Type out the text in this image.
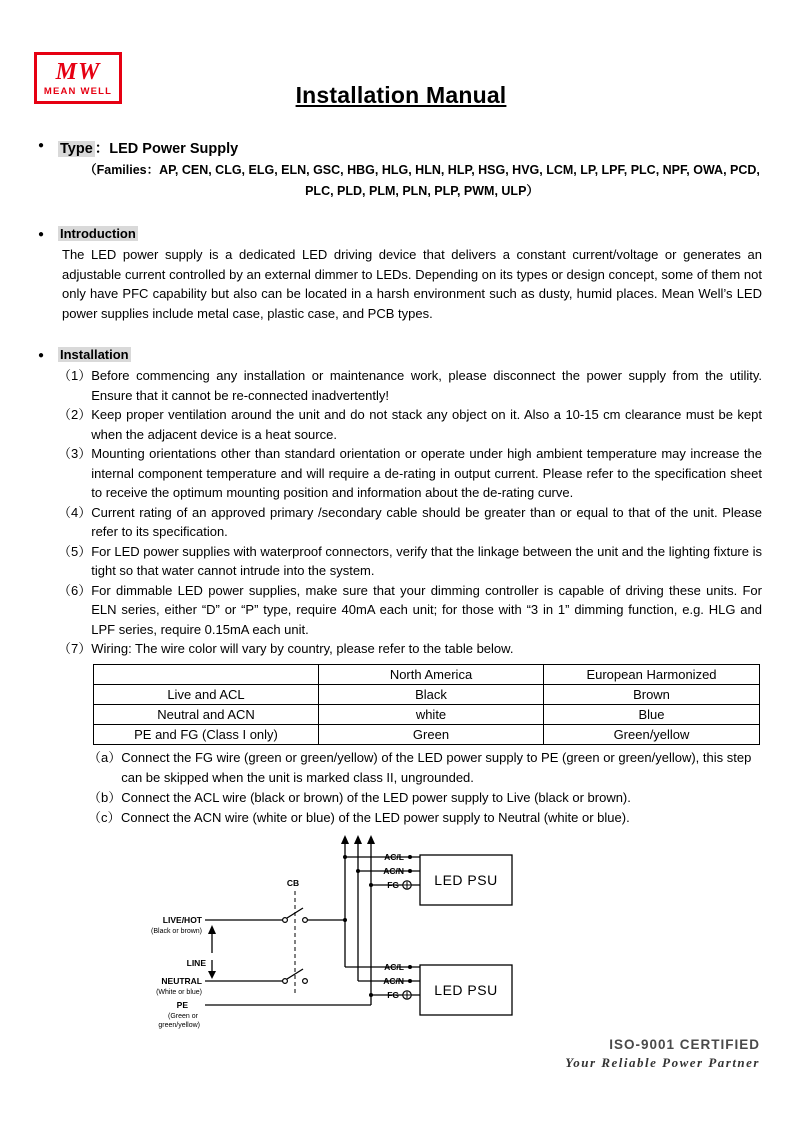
MW
MEAN WELL	Installation Manual
●	Type ：LED Power Supply
（Families：AP, CEN, CLG, ELG, ELN, GSC, HBG, HLG, HLN, HLP, HSG, HVG, LCM, LP, LPF, PLC, NPF, OWA, PCD,
PLC, PLD, PLM, PLN, PLP, PWM, ULP）
●	Introduction
The LED power supply is a dedicated LED driving device that delivers a constant current/voltage or generates an adjustable current controlled by an external dimmer to LEDs. Depending on its types or design concept, some of them not only have PFC capability but also can be located in a harsh environment such as dusty, humid places. Mean Well’s LED power supplies include metal case, plastic case, and PCB types.
●	Installation
（1） Before commencing any installation or maintenance work, please disconnect the power supply from the utility. Ensure that it cannot be re-connected inadvertently!
（2） Keep proper ventilation around the unit and do not stack any object on it. Also a 10-15 cm clearance must be kept when the adjacent device is a heat source.
（3） Mounting orientations other than standard orientation or operate under high ambient temperature may increase the internal component temperature and will require a de-rating in output current. Please refer to the specification sheet to receive the optimum mounting position and information about the de-rating curve.
（4） Current rating of an approved primary /secondary cable should be greater than or equal to that of the unit. Please refer to its specification.
（5） For LED power supplies with waterproof connectors, verify that the linkage between the unit and the lighting fixture is tight so that water cannot intrude into the system.
（6） For dimmable LED power supplies, make sure that your dimming controller is capable of driving these units. For ELN series, either “D” or “P” type, require 40mA each unit; for those with “3 in 1” dimming function, e.g. HLG and LPF series, require 0.15mA each unit.
（7） Wiring: The wire color will vary by country, please refer to the table below.
	North America	European Harmonized
Live and ACL	Black	Brown
Neutral and ACN	white	Blue
PE and FG (Class I only)	Green	Green/yellow
（a） Connect the FG wire (green or green/yellow) of the LED power supply to PE (green or green/yellow), this step can be skipped when the unit is marked class II, ungrounded.
（b） Connect the ACL wire (black or brown) of the LED power supply to Live (black or brown).
（c） Connect the ACN wire (white or blue) of the LED power supply to Neutral (white or blue).
AC/L
AC/N
FG	LED PSU
AC/L
AC/N
FG	LED PSU
CB
LIVE/HOT
(Black or brown)
LINE
NEUTRAL
(White or blue)
PE
(Green or
green/yellow)
ISO-9001 CERTIFIED
Your Reliable Power Partner
